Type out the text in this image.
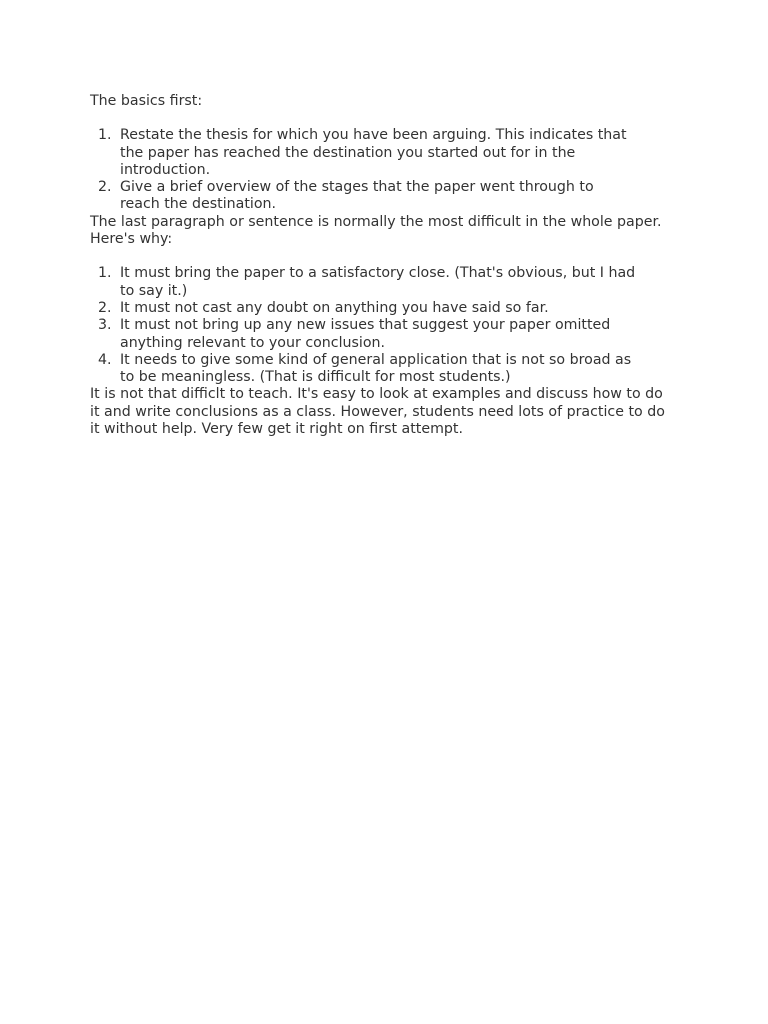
The basics first:

1. Restate the thesis for which you have been arguing. This indicates that
the paper has reached the destination you started out for in the
introduction.
2. Give a brief overview of the stages that the paper went through to
reach the destination.

The last paragraph or sentence is normally the most difficult in the whole paper.
Here's why:

1. It must bring the paper to a satisfactory close. (That's obvious, but I had
to say it.)
2. It must not cast any doubt on anything you have said so far.
3. It must not bring up any new issues that suggest your paper omitted
anything relevant to your conclusion.
4. It needs to give some kind of general application that is not so broad as
to be meaningless. (That is difficult for most students.)

It is not that difficlt to teach. It's easy to look at examples and discuss how to do
it and write conclusions as a class. However, students need lots of practice to do
it without help. Very few get it right on first attempt.
